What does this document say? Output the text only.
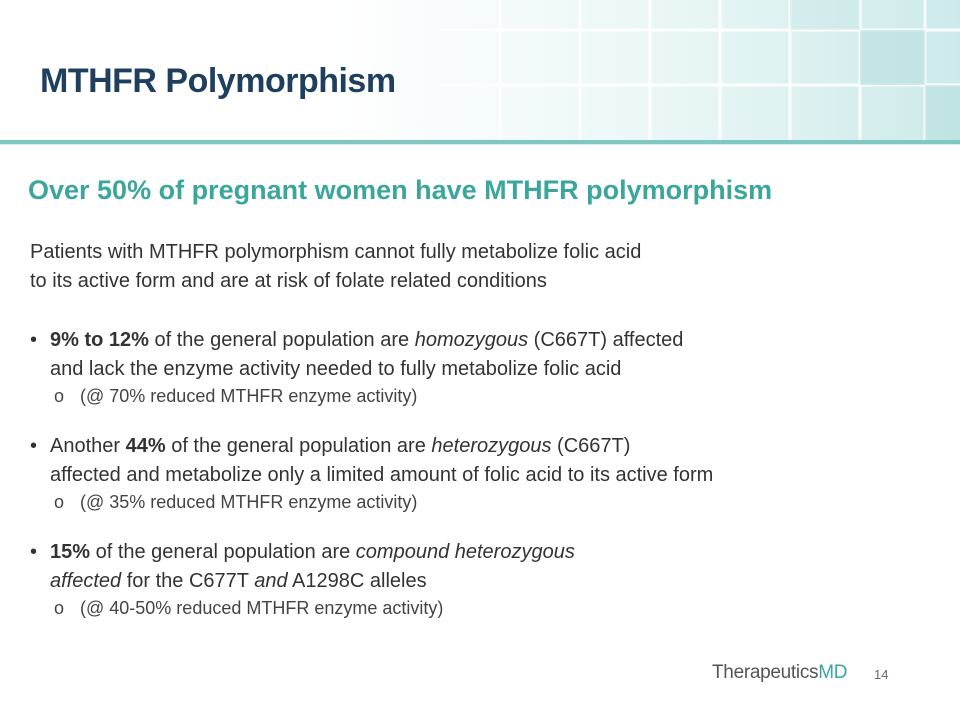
MTHFR Polymorphism
Over 50% of pregnant women have MTHFR polymorphism
Patients with MTHFR polymorphism cannot fully metabolize folic acid
to its active form and are at risk of folate related conditions
• 9% to 12% of the general population are homozygous (C667T) affected
and lack the enzyme activity needed to fully metabolize folic acid
o (@ 70% reduced MTHFR enzyme activity)
• Another 44% of the general population are heterozygous (C667T)
affected and metabolize only a limited amount of folic acid to its active form
o (@ 35% reduced MTHFR enzyme activity)
• 15% of the general population are compound heterozygous
affected for the C677T and A1298C alleles
o (@ 40-50% reduced MTHFR enzyme activity)
TherapeuticsMD 14
